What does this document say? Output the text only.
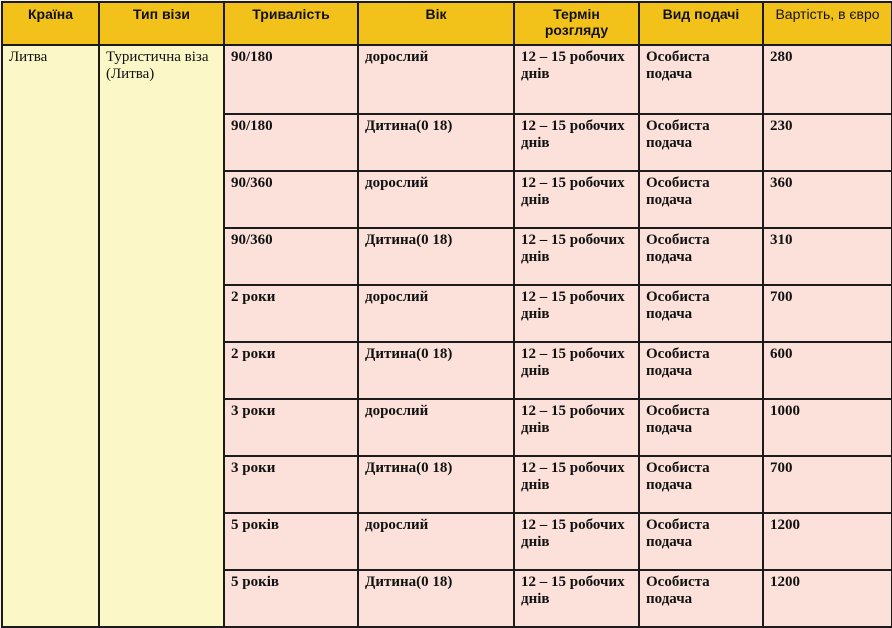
Країна	Тип візи	Тривалість	Вік	Термін розгляду	Вид подачі	Вартість, в євро
Литва	Туристична віза (Литва)	90/180	дорослий	12 – 15 робочих днів	Особиста подача	280
		90/180	Дитина(0 18)	12 – 15 робочих днів	Особиста подача	230
		90/360	дорослий	12 – 15 робочих днів	Особиста подача	360
		90/360	Дитина(0 18)	12 – 15 робочих днів	Особиста подача	310
		2 роки	дорослий	12 – 15 робочих днів	Особиста подача	700
		2 роки	Дитина(0 18)	12 – 15 робочих днів	Особиста подача	600
		3 роки	дорослий	12 – 15 робочих днів	Особиста подача	1000
		3 роки	Дитина(0 18)	12 – 15 робочих днів	Особиста подача	700
		5 років	дорослий	12 – 15 робочих днів	Особиста подача	1200
		5 років	Дитина(0 18)	12 – 15 робочих днів	Особиста подача	1200
